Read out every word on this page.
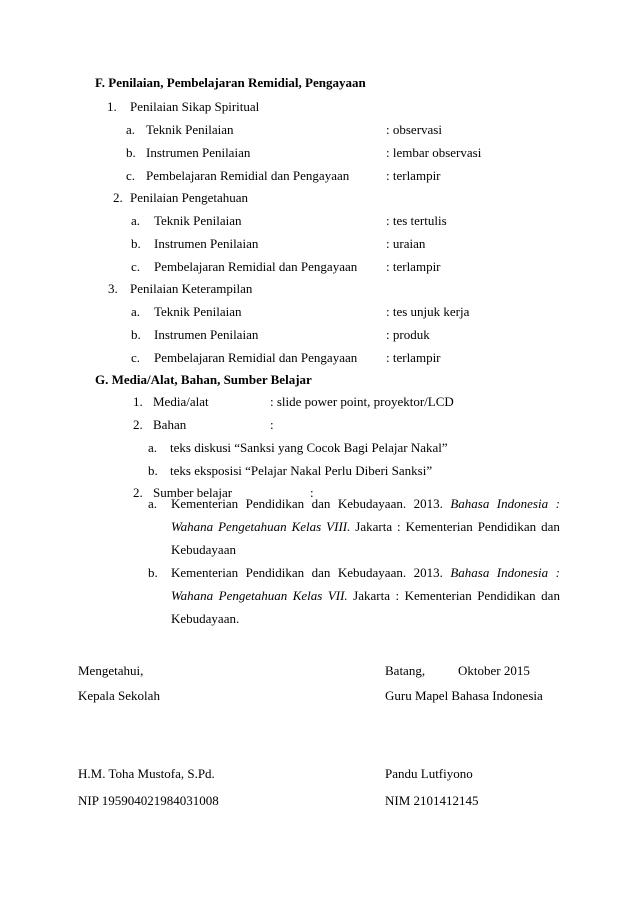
F. Penilaian, Pembelajaran Remidial, Pengayaan
1. Penilaian Sikap Spiritual
a. Teknik Penilaian	: observasi
b. Instrumen Penilaian	: lembar observasi
c. Pembelajaran Remidial dan Pengayaan	: terlampir
2. Penilaian Pengetahuan
a. Teknik Penilaian	: tes tertulis
b. Instrumen Penilaian	: uraian
c. Pembelajaran Remidial dan Pengayaan : terlampir
3. Penilaian Keterampilan
a. Teknik Penilaian	: tes unjuk kerja
b. Instrumen Penilaian	: produk
c. Pembelajaran Remidial dan Pengayaan : terlampir
G. Media/Alat, Bahan, Sumber Belajar
1. Media/alat	: slide power point, proyektor/LCD
2. Bahan	:
a. teks diskusi “Sanksi yang Cocok Bagi Pelajar Nakal”
b. teks eksposisi “Pelajar Nakal Perlu Diberi Sanksi”
2. Sumber belajar	:
a. Kementerian Pendidikan dan Kebudayaan. 2013. Bahasa Indonesia :
Wahana Pengetahuan Kelas VIII. Jakarta : Kementerian Pendidikan dan
Kebudayaan
b. Kementerian Pendidikan dan Kebudayaan. 2013. Bahasa Indonesia :
Wahana Pengetahuan Kelas VII. Jakarta : Kementerian Pendidikan dan
Kebudayaan.
Mengetahui,	Batang,	Oktober 2015
Kepala Sekolah	Guru Mapel Bahasa Indonesia
H.M. Toha Mustofa, S.Pd.	Pandu Lutfiyono
NIP 195904021984031008	NIM 2101412145
